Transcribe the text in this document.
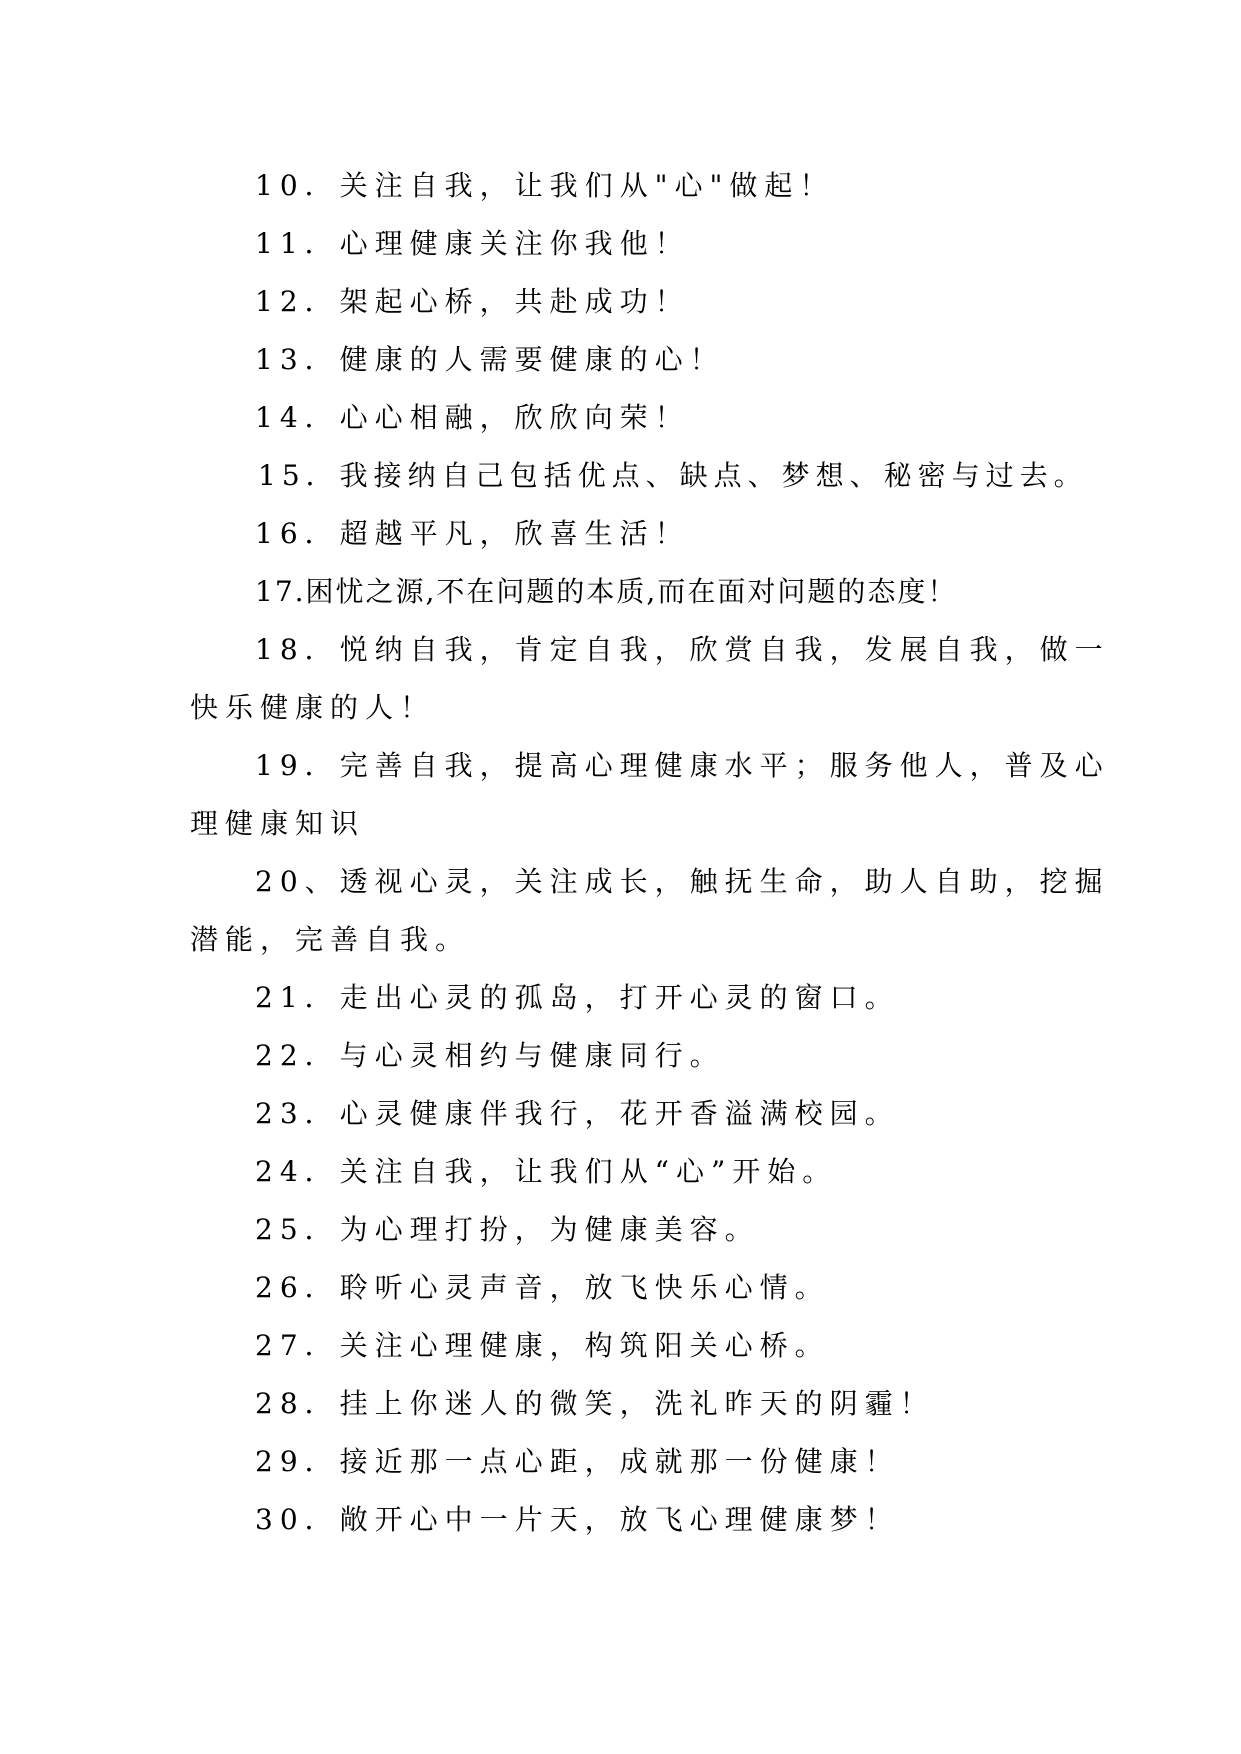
10．关注自我，让我们从"心"做起！
11．心理健康关注你我他！
12．架起心桥，共赴成功！
13．健康的人需要健康的心！
14．心心相融，欣欣向荣！
15．我接纳自己包括优点、缺点、梦想、秘密与过去。
16．超越平凡，欣喜生活！
17.困忧之源,不在问题的本质,而在面对问题的态度！
18．悦纳自我，肯定自我，欣赏自我，发展自我，做一
快乐健康的人！
19．完善自我，提高心理健康水平；服务他人，普及心
理健康知识
20、透视心灵，关注成长，触抚生命，助人自助，挖掘
潜能，完善自我。
21．走出心灵的孤岛，打开心灵的窗口。
22．与心灵相约与健康同行。
23．心灵健康伴我行，花开香溢满校园。
24．关注自我，让我们从“心”开始。
25．为心理打扮，为健康美容。
26．聆听心灵声音，放飞快乐心情。
27．关注心理健康，构筑阳关心桥。
28．挂上你迷人的微笑，洗礼昨天的阴霾！
29．接近那一点心距，成就那一份健康！
30．敞开心中一片天，放飞心理健康梦！
